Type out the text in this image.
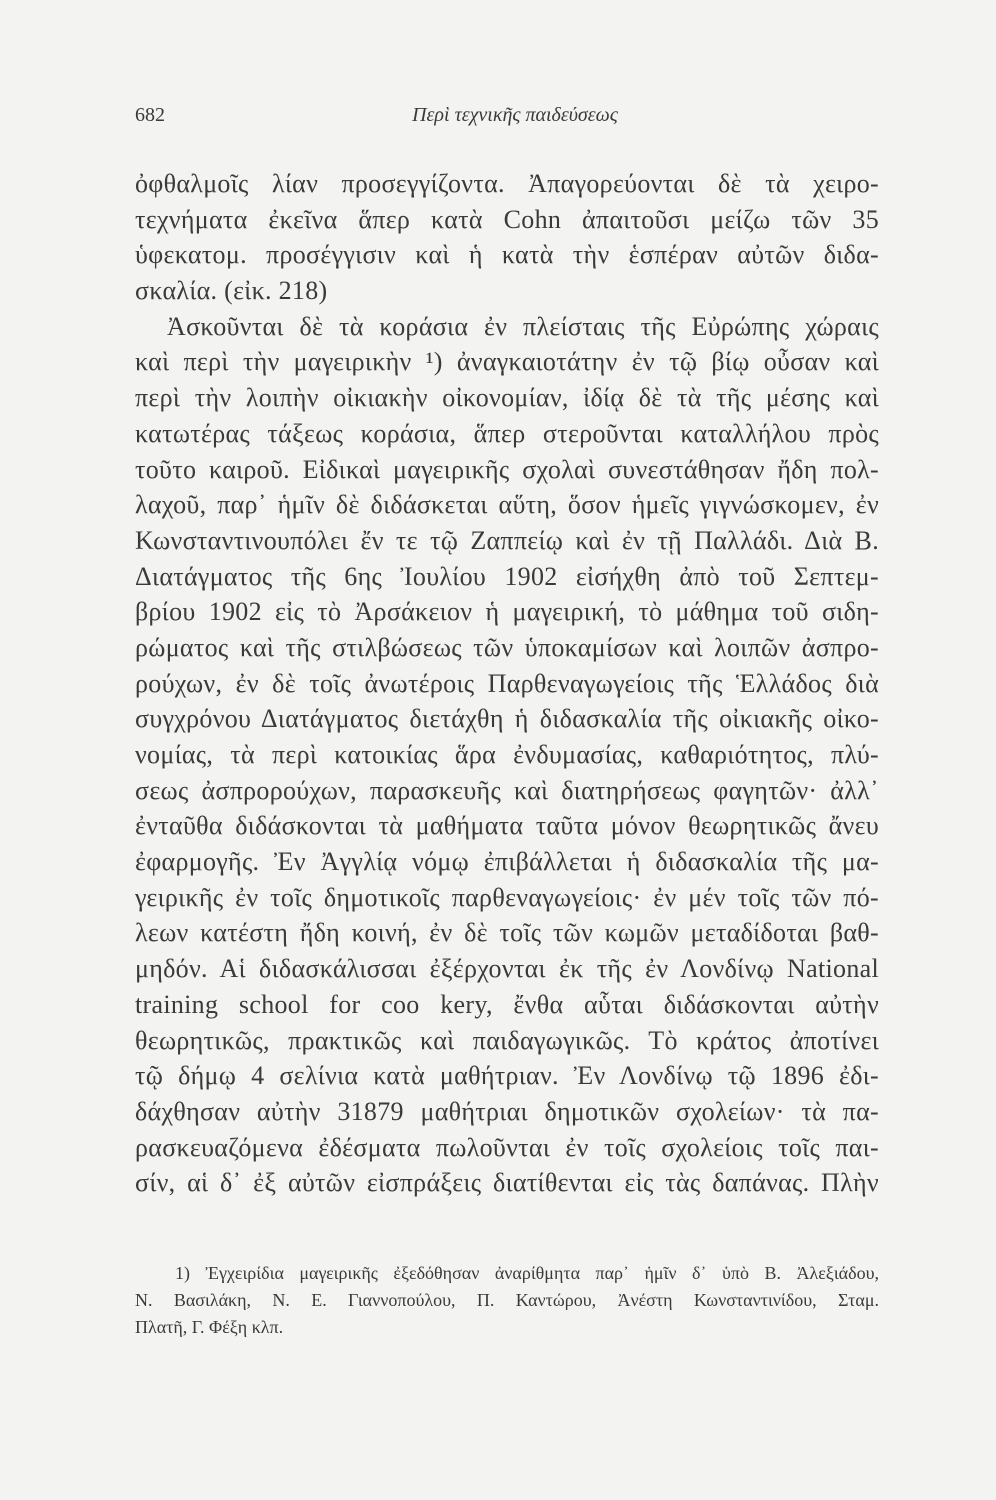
682	Περὶ τεχνικῆς παιδεύσεως
ὀφθαλμοῖς λίαν προσεγγίζοντα. Ἀπαγορεύονται δὲ τὰ χειρο-
τεχνήματα ἐκεῖνα ἅπερ κατὰ Cohn ἀπαιτοῦσι μείζω τῶν 35
ὑφεκατομ. προσέγγισιν καὶ ἡ κατὰ τὴν ἑσπέραν αὐτῶν διδα-
σκαλία. (εἰκ. 218)
Ἀσκοῦνται δὲ τὰ κοράσια ἐν πλείσταις τῆς Εὐρώπης χώραις
καὶ περὶ τὴν μαγειρικὴν ¹) ἀναγκαιοτάτην ἐν τῷ βίῳ οὖσαν καὶ
περὶ τὴν λοιπὴν οἰκιακὴν οἰκονομίαν, ἰδίᾳ δὲ τὰ τῆς μέσης καὶ
κατωτέρας τάξεως κοράσια, ἅπερ στεροῦνται καταλλήλου πρὸς
τοῦτο καιροῦ. Εἰδικαὶ μαγειρικῆς σχολαὶ συνεστάθησαν ἤδη πολ-
λαχοῦ, παρ᾽ ἡμῖν δὲ διδάσκεται αὕτη, ὅσον ἡμεῖς γιγνώσκομεν, ἐν
Κωνσταντινουπόλει ἔν τε τῷ Ζαππείῳ καὶ ἐν τῇ Παλλάδι. Διὰ Β.
Διατάγματος τῆς 6ης Ἰουλίου 1902 εἰσήχθη ἀπὸ τοῦ Σεπτεμ-
βρίου 1902 εἰς τὸ Ἀρσάκειον ἡ μαγειρική, τὸ μάθημα τοῦ σιδη-
ρώματος καὶ τῆς στιλβώσεως τῶν ὑποκαμίσων καὶ λοιπῶν ἀσπρο-
ρούχων, ἐν δὲ τοῖς ἀνωτέροις Παρθεναγωγείοις τῆς Ἑλλάδος διὰ
συγχρόνου Διατάγματος διετάχθη ἡ διδασκαλία τῆς οἰκιακῆς οἰκο-
νομίας, τὰ περὶ κατοικίας ἅρα ἐνδυμασίας, καθαριότητος, πλύ-
σεως ἀσπρορούχων, παρασκευῆς καὶ διατηρήσεως φαγητῶν· ἀλλ᾽
ἐνταῦθα διδάσκονται τὰ μαθήματα ταῦτα μόνον θεωρητικῶς ἄνευ
ἐφαρμογῆς. Ἐν Ἀγγλίᾳ νόμῳ ἐπιβάλλεται ἡ διδασκαλία τῆς μα-
γειρικῆς ἐν τοῖς δημοτικοῖς παρθεναγωγείοις· ἐν μέν τοῖς τῶν πό-
λεων κατέστη ἤδη κοινή, ἐν δὲ τοῖς τῶν κωμῶν μεταδίδοται βαθ-
μηδόν. Αἱ διδασκάλισσαι ἐξέρχονται ἐκ τῆς ἐν Λονδίνῳ National
training school for coo kery, ἔνθα αὗται διδάσκονται αὐτὴν
θεωρητικῶς, πρακτικῶς καὶ παιδαγωγικῶς. Τὸ κράτος ἀποτίνει
τῷ δήμῳ 4 σελίνια κατὰ μαθήτριαν. Ἐν Λονδίνῳ τῷ 1896 ἐδι-
δάχθησαν αὐτὴν 31879 μαθήτριαι δημοτικῶν σχολείων· τὰ πα-
ρασκευαζόμενα ἐδέσματα πωλοῦνται ἐν τοῖς σχολείοις τοῖς παι-
σίν, αἱ δ᾽ ἐξ αὐτῶν εἰσπράξεις διατίθενται εἰς τὰς δαπάνας. Πλὴν
1) Ἐγχειρίδια μαγειρικῆς ἐξεδόθησαν ἀναρίθμητα παρ᾽ ἡμῖν δ᾽ ὑπὸ Β. Ἀλεξιάδου,
Ν. Βασιλάκη, Ν. Ε. Γιαννοπούλου, Π. Καντώρου, Ἀνέστη Κωνσταντινίδου, Σταμ.
Πλατῆ, Γ. Φέξη κλπ.
